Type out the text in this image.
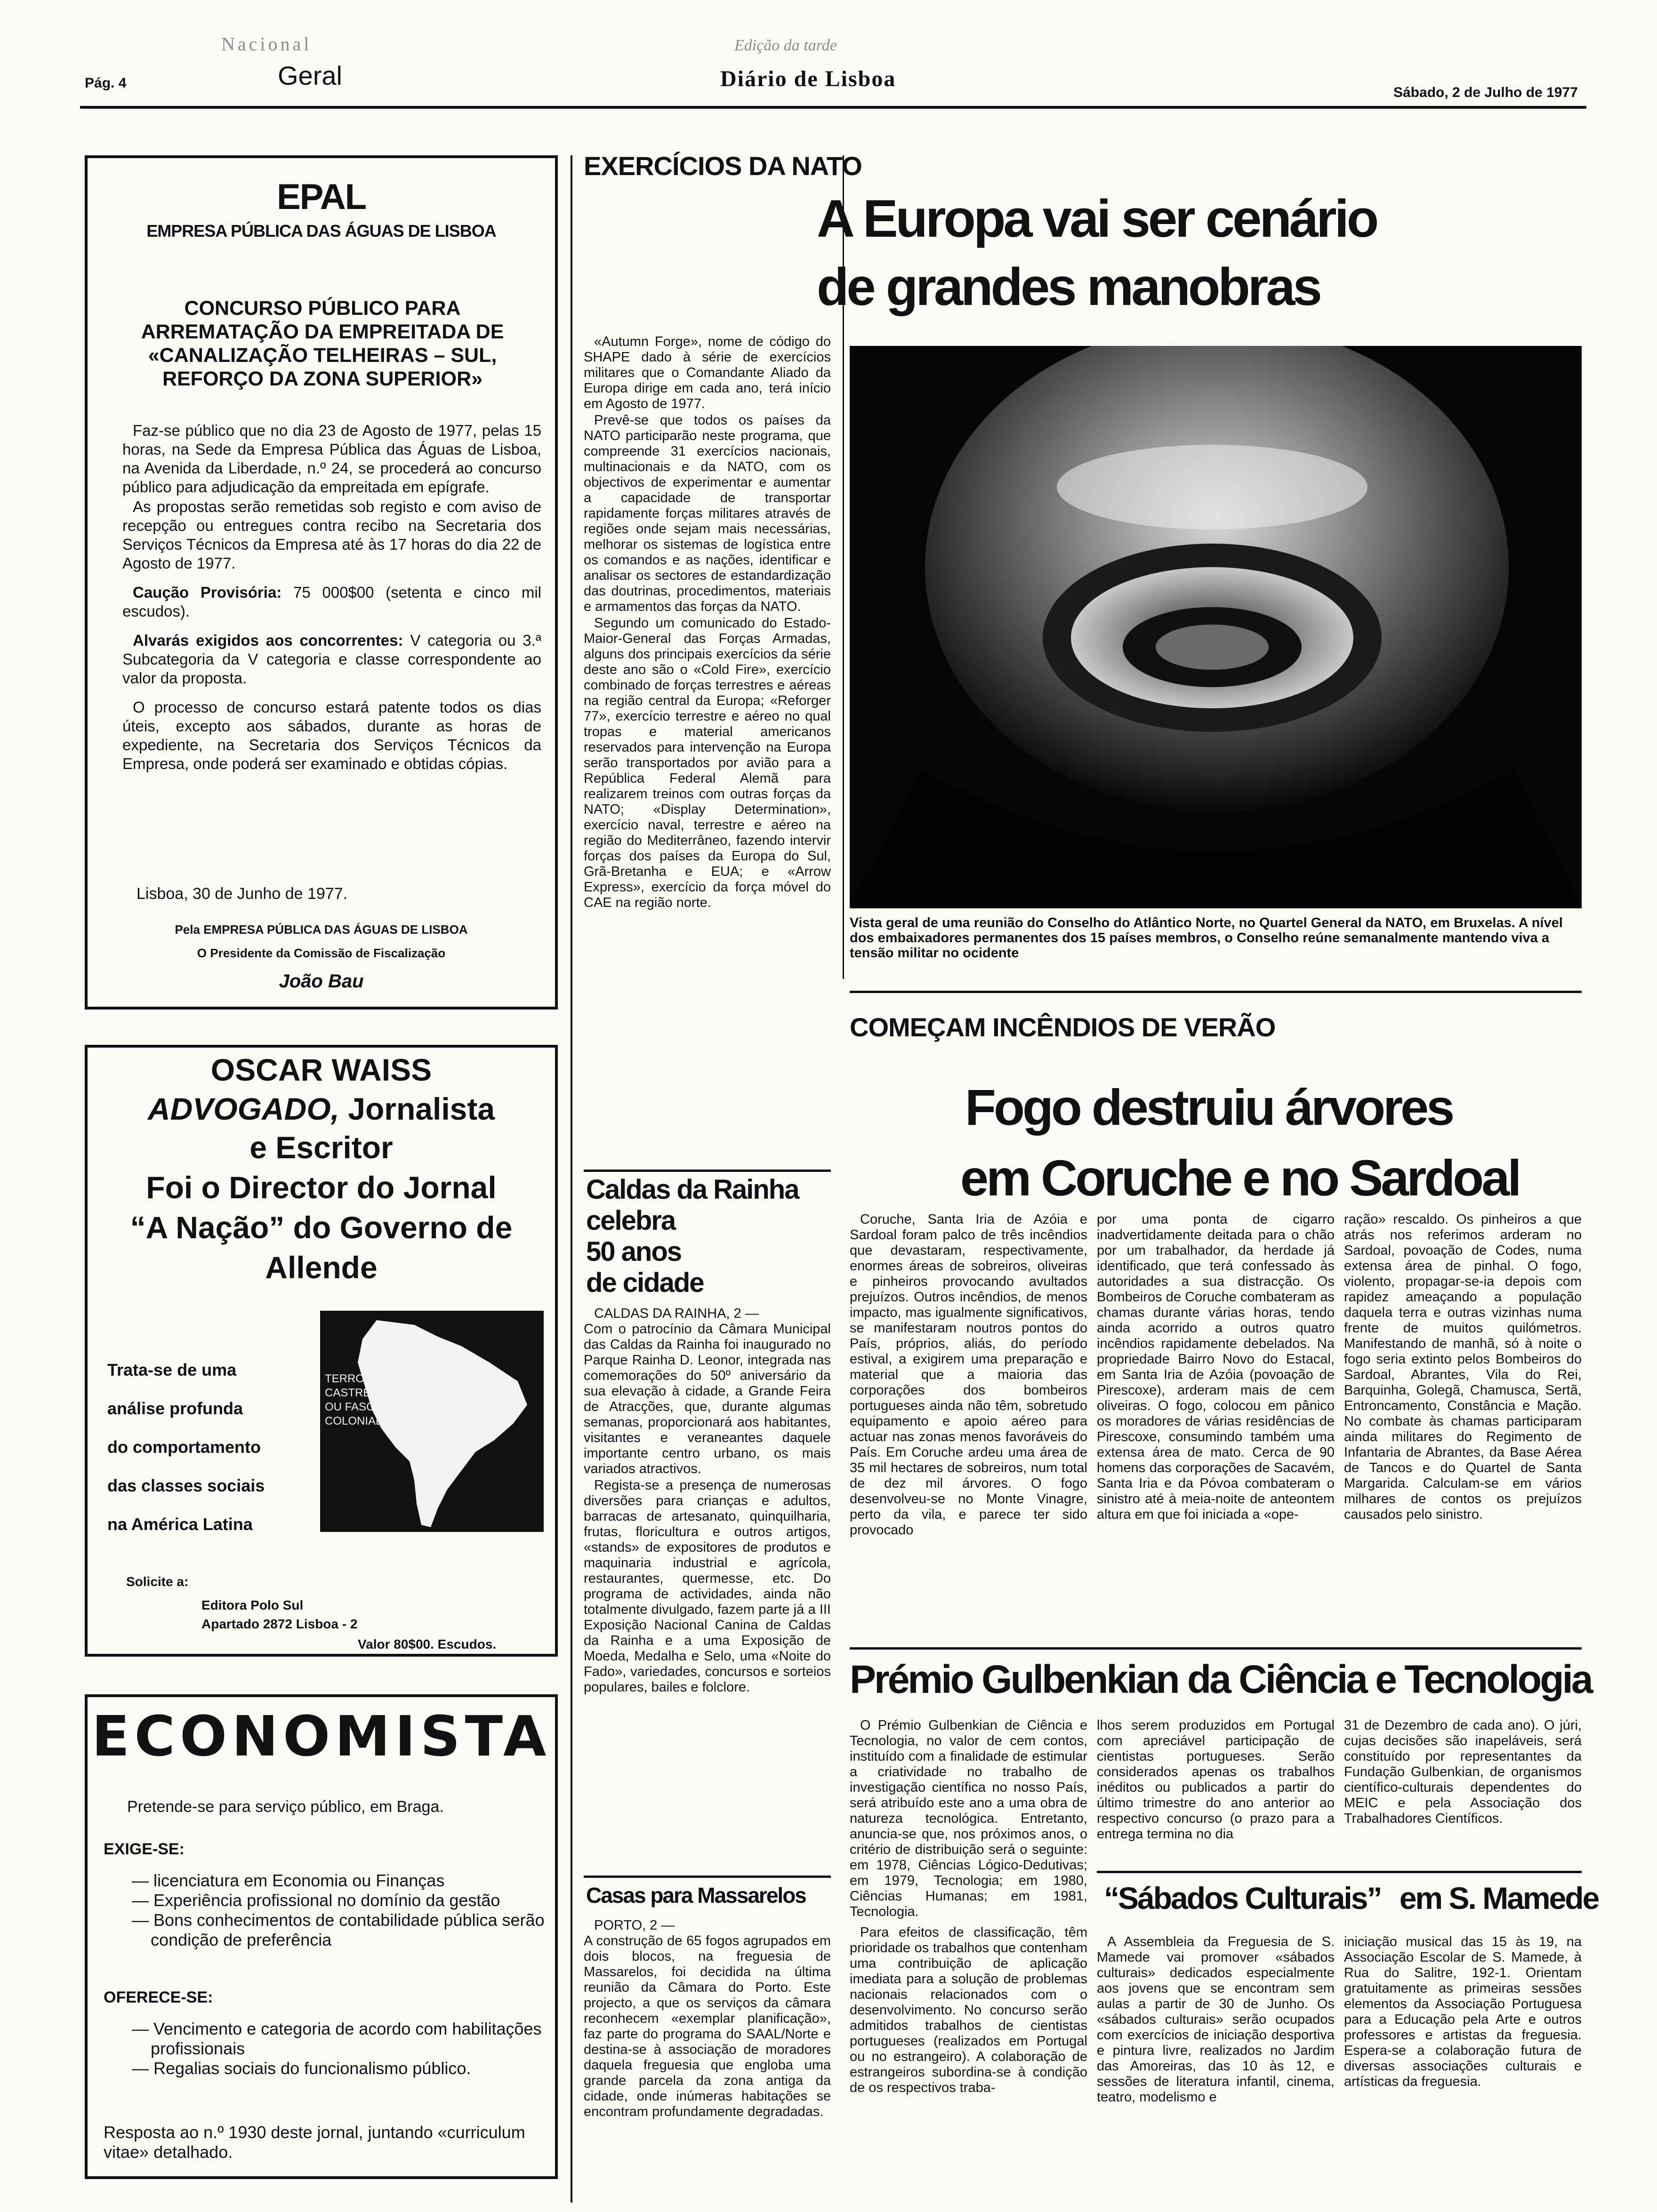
Pág. 4
Nacional
Geral
Edição da tarde
Diário de Lisboa
Sábado, 2 de Julho de 1977
EPAL
EMPRESA PÚBLICA DAS ÁGUAS DE LISBOA
CONCURSO PÚBLICO PARA ARREMATAÇÃO DA EMPREITADA DE «CANALIZAÇÃO TELHEIRAS – SUL, REFORÇO DA ZONA SUPERIOR»

Faz-se público que no dia 23 de Agosto de 1977, pelas 15 horas, na Sede da Empresa Pública das Águas de Lisboa, na Avenida da Liberdade, n.º 24, se procederá ao concurso público para adjudicação da empreitada em epígrafe.

As propostas serão remetidas sob registo e com aviso de recepção ou entregues contra recibo na Secretaria dos Serviços Técnicos da Empresa até às 17 horas do dia 22 de Agosto de 1977.

Caução Provisória: 75 000$00 (setenta e cinco mil escudos).

Alvarás exigidos aos concorrentes: V categoria ou 3.ª Subcategoria da V categoria e classe correspondente ao valor da proposta.

O processo de concurso estará patente todos os dias úteis, excepto aos sábados, durante as horas de expediente, na Secretaria dos Serviços Técnicos da Empresa, onde poderá ser examinado e obtidas cópias.

Lisboa, 30 de Junho de 1977.
Pela EMPRESA PÚBLICA DAS ÁGUAS DE LISBOA
O Presidente da Comissão de Fiscalização
João Bau
OSCAR WAISS
ADVOGADO, Jornalista
e Escritor
Foi o Director do Jornal
“A Nação” do Governo de
Allende
TERRORISMO CASTRENSE OU FASCISMO COLONIAL
Trata-se de uma
análise profunda
do comportamento
das classes sociais
na América Latina
Solicite a:
Editora Polo Sul
Apartado 2872 Lisboa - 2
Valor 80$00. Escudos.
ECONOMISTA
Pretende-se para serviço público, em Braga.
EXIGE-SE:
— licenciatura em Economia ou Finanças
— Experiência profissional no domínio da gestão
— Bons conhecimentos de contabilidade pública serão condição de preferência
OFERECE-SE:
— Vencimento e categoria de acordo com habilitações profissionais
— Regalias sociais do funcionalismo público.
Resposta ao n.º 1930 deste jornal, juntando «curriculum vitae» detalhado.
EXERCÍCIOS DA NATO
A Europa vai ser cenário
de grandes manobras

«Autumn Forge», nome de código do SHAPE dado à série de exercícios militares que o Comandante Aliado da Europa dirige em cada ano, terá início em Agosto de 1977.

Prevê-se que todos os países da NATO participarão neste programa, que compreende 31 exercícios nacionais, multinacionais e da NATO, com os objectivos de experimentar e aumentar a capacidade de transportar rapidamente forças militares através de regiões onde sejam mais necessárias, melhorar os sistemas de logística entre os comandos e as nações, identificar e analisar os sectores de estandardização das doutrinas, procedimentos, materiais e armamentos das forças da NATO.

Segundo um comunicado do Estado-Maior-General das Forças Armadas, alguns dos principais exercícios da série deste ano são o «Cold Fire», exercício combinado de forças terrestres e aéreas na região central da Europa; «Reforger 77», exercício terrestre e aéreo no qual tropas e material americanos reservados para intervenção na Europa serão transportados por avião para a República Federal Alemã para realizarem treinos com outras forças da NATO; «Display Determination», exercício naval, terrestre e aéreo na região do Mediterrâneo, fazendo intervir forças dos países da Europa do Sul, Grã-Bretanha e EUA; e «Arrow Express», exercício da força móvel do CAE na região norte.

Vista geral de uma reunião do Conselho do Atlântico Norte, no Quartel General da NATO, em Bruxelas. A nível dos embaixadores permanentes dos 15 países membros, o Conselho reúne semanalmente mantendo viva a tensão militar no ocidente
Caldas da Rainha
celebra
50 anos
de cidade
CALDAS DA RAINHA, 2 —

Com o patrocínio da Câmara Municipal das Caldas da Rainha foi inaugurado no Parque Rainha D. Leonor, integrada nas comemorações do 50º aniversário da sua elevação à cidade, a Grande Feira de Atracções, que, durante algumas semanas, proporcionará aos habitantes, visitantes e veraneantes daquele importante centro urbano, os mais variados atractivos.

Regista-se a presença de numerosas diversões para crianças e adultos, barracas de artesanato, quinquilharia, frutas, floricultura e outros artigos, «stands» de expositores de produtos e maquinaria industrial e agrícola, restaurantes, quermesse, etc. Do programa de actividades, ainda não totalmente divulgado, fazem parte já a III Exposição Nacional Canina de Caldas da Rainha e a uma Exposição de Moeda, Medalha e Selo, uma «Noite do Fado», variedades, concursos e sorteios populares, bailes e folclore.

Casas para Massarelos
PORTO, 2 —

A construção de 65 fogos agrupados em dois blocos, na freguesia de Massarelos, foi decidida na última reunião da Câmara do Porto. Este projecto, a que os serviços da câmara reconhecem «exemplar planificação», faz parte do programa do SAAL/Norte e destina-se à associação de moradores daquela freguesia que engloba uma grande parcela da zona antiga da cidade, onde inúmeras habitações se encontram profundamente degradadas.

COMEÇAM INCÊNDIOS DE VERÃO
Fogo destruiu árvores
em Coruche e no Sardoal

Coruche, Santa Iria de Azóia e Sardoal foram palco de três incêndios que devastaram, respectivamente, enormes áreas de sobreiros, oliveiras e pinheiros provocando avultados prejuízos. Outros incêndios, de menos impacto, mas igualmente significativos, se manifestaram noutros pontos do País, próprios, aliás, do período estival, a exigirem uma preparação e material que a maioria das corporações dos bombeiros portugueses ainda não têm, sobretudo equipamento e apoio aéreo para actuar nas zonas menos favoráveis do País. Em Coruche ardeu uma área de 35 mil hectares de sobreiros, num total de dez mil árvores. O fogo desenvolveu-se no Monte Vinagre, perto da vila, e parece ter sido provocado

por uma ponta de cigarro inadvertidamente deitada para o chão por um trabalhador, da herdade já identificado, que terá confessado às autoridades a sua distracção. Os Bombeiros de Coruche combateram as chamas durante várias horas, tendo ainda acorrido a outros quatro incêndios rapidamente debelados. Na propriedade Bairro Novo do Estacal, em Santa Iria de Azóia (povoação de Pirescoxe), arderam mais de cem oliveiras. O fogo, colocou em pânico os moradores de várias residências de Pirescoxe, consumindo também uma extensa área de mato. Cerca de 90 homens das corporações de Sacavém, Santa Iria e da Póvoa combateram o sinistro até à meia-noite de anteontem altura em que foi iniciada a «ope-

ração» rescaldo. Os pinheiros a que atrás nos referimos arderam no Sardoal, povoação de Codes, numa extensa área de pinhal. O fogo, violento, propagar-se-ia depois com rapidez ameaçando a população daquela terra e outras vizinhas numa frente de muitos quilómetros. Manifestando de manhã, só à noite o fogo seria extinto pelos Bombeiros do Sardoal, Abrantes, Vila do Rei, Barquinha, Golegã, Chamusca, Sertã, Entroncamento, Constância e Mação. No combate às chamas participaram ainda militares do Regimento de Infantaria de Abrantes, da Base Aérea de Tancos e do Quartel de Santa Margarida. Calculam-se em vários milhares de contos os prejuízos causados pelo sinistro.

Prémio Gulbenkian da Ciência e Tecnologia

O Prémio Gulbenkian de Ciência e Tecnologia, no valor de cem contos, instituído com a finalidade de estimular a criatividade no trabalho de investigação científica no nosso País, será atribuído este ano a uma obra de natureza tecnológica. Entretanto, anuncia-se que, nos próximos anos, o critério de distribuição será o seguinte: em 1978, Ciências Lógico-Dedutivas; em 1979, Tecnologia; em 1980, Ciências Humanas; em 1981, Tecnologia.

lhos serem produzidos em Portugal com apreciável participação de cientistas portugueses. Serão considerados apenas os trabalhos inéditos ou publicados a partir do último trimestre do ano anterior ao respectivo concurso (o prazo para a entrega termina no dia

31 de Dezembro de cada ano). O júri, cujas decisões são inapeláveis, será constituído por representantes da Fundação Gulbenkian, de organismos científico-culturais dependentes do MEIC e pela Associação dos Trabalhadores Científicos.

Para efeitos de classificação, têm prioridade os trabalhos que contenham uma contribuição de aplicação imediata para a solução de problemas nacionais relacionados com o desenvolvimento. No concurso serão admitidos trabalhos de cientistas portugueses (realizados em Portugal ou no estrangeiro). A colaboração de estrangeiros subordina-se à condição de os respectivos traba-

“Sábados Culturais” em S. Mamede

A Assembleia da Freguesia de S. Mamede vai promover «sábados culturais» dedicados especialmente aos jovens que se encontram sem aulas a partir de 30 de Junho. Os «sábados culturais» serão ocupados com exercícios de iniciação desportiva e pintura livre, realizados no Jardim das Amoreiras, das 10 às 12, e sessões de literatura infantil, cinema, teatro, modelismo e

iniciação musical das 15 às 19, na Associação Escolar de S. Mamede, à Rua do Salitre, 192-1. Orientam gratuitamente as primeiras sessões elementos da Associação Portuguesa para a Educação pela Arte e outros professores e artistas da freguesia. Espera-se a colaboração futura de diversas associações culturais e artísticas da freguesia.
